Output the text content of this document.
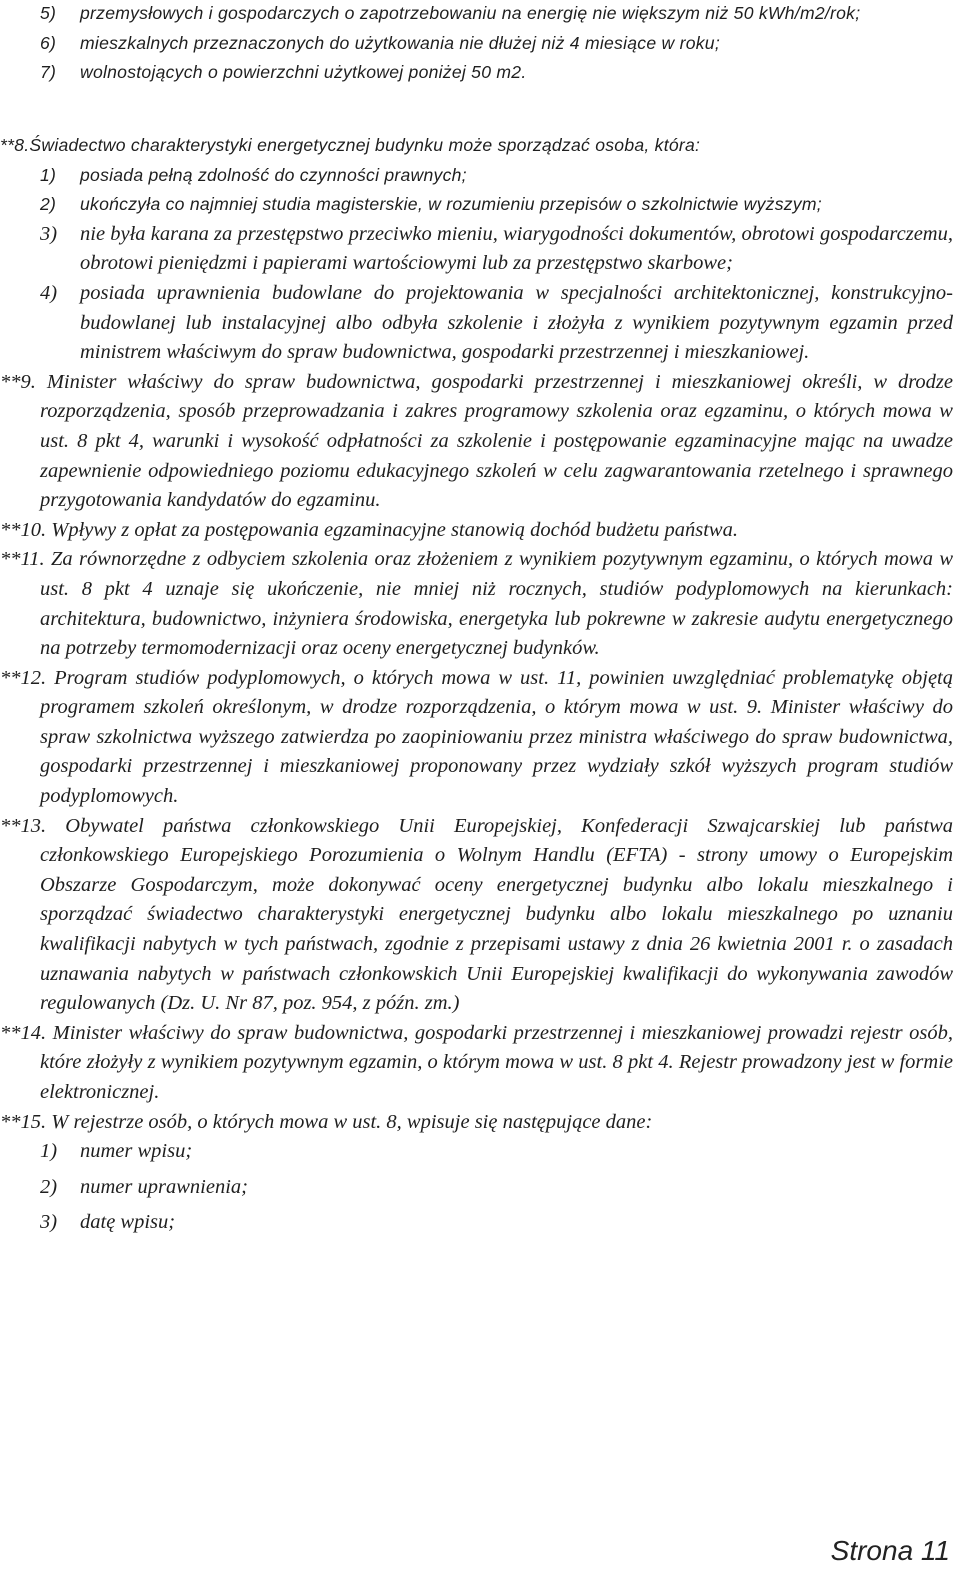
5) przemysłowych i gospodarczych o zapotrzebowaniu na energię nie większym niż 50 kWh/m2/rok;

6) mieszkalnych przeznaczonych do użytkowania nie dłużej niż 4 miesiące w roku;

7) wolnostojących o powierzchni użytkowej poniżej 50 m2.

**8.Świadectwo charakterystyki energetycznej budynku może sporządzać osoba, która:

1) posiada pełną zdolność do czynności prawnych;

2) ukończyła co najmniej studia magisterskie, w rozumieniu przepisów o szkolnictwie wyższym;

3) nie była karana za przestępstwo przeciwko mieniu, wiarygodności dokumentów, obrotowi gospodarczemu, obrotowi pieniędzmi i papierami wartościowymi lub za przestępstwo skarbowe;

4) posiada uprawnienia budowlane do projektowania w specjalności architektonicznej, konstrukcyjno-budowlanej lub instalacyjnej albo odbyła szkolenie i złożyła z wynikiem pozytywnym egzamin przed ministrem właściwym do spraw budownictwa, gospodarki przestrzennej i mieszkaniowej.

**9. Minister właściwy do spraw budownictwa, gospodarki przestrzennej i mieszkaniowej określi, w drodze rozporządzenia, sposób przeprowadzania i zakres programowy szkolenia oraz egzaminu, o których mowa w ust. 8 pkt 4, warunki i wysokość odpłatności za szkolenie i postępowanie egzaminacyjne mając na uwadze zapewnienie odpowiedniego poziomu edukacyjnego szkoleń w celu zagwarantowania rzetelnego i sprawnego przygotowania kandydatów do egzaminu.

**10. Wpływy z opłat za postępowania egzaminacyjne stanowią dochód budżetu państwa.

**11. Za równorzędne z odbyciem szkolenia oraz złożeniem z wynikiem pozytywnym egzaminu, o których mowa w ust. 8 pkt 4 uznaje się ukończenie, nie mniej niż rocznych, studiów podyplomowych na kierunkach: architektura, budownictwo, inżyniera środowiska, energetyka lub pokrewne w zakresie audytu energetycznego na potrzeby termomodernizacji oraz oceny energetycznej budynków.

**12. Program studiów podyplomowych, o których mowa w ust. 11, powinien uwzględniać problematykę objętą programem szkoleń określonym, w drodze rozporządzenia, o którym mowa w ust. 9. Minister właściwy do spraw szkolnictwa wyższego zatwierdza po zaopiniowaniu przez ministra właściwego do spraw budownictwa, gospodarki przestrzennej i mieszkaniowej proponowany przez wydziały szkół wyższych program studiów podyplomowych.

**13. Obywatel państwa członkowskiego Unii Europejskiej, Konfederacji Szwajcarskiej lub państwa członkowskiego Europejskiego Porozumienia o Wolnym Handlu (EFTA) - strony umowy o Europejskim Obszarze Gospodarczym, może dokonywać oceny energetycznej budynku albo lokalu mieszkalnego i sporządzać świadectwo charakterystyki energetycznej budynku albo lokalu mieszkalnego po uznaniu kwalifikacji nabytych w tych państwach, zgodnie z przepisami ustawy z dnia 26 kwietnia 2001 r. o zasadach uznawania nabytych w państwach członkowskich Unii Europejskiej kwalifikacji do wykonywania zawodów regulowanych (Dz. U. Nr 87, poz. 954, z późn. zm.)

**14. Minister właściwy do spraw budownictwa, gospodarki przestrzennej i mieszkaniowej prowadzi rejestr osób, które złożyły z wynikiem pozytywnym egzamin, o którym mowa w ust. 8 pkt 4. Rejestr prowadzony jest w formie elektronicznej.

**15. W rejestrze osób, o których mowa w ust. 8, wpisuje się następujące dane:

1) numer wpisu;

2) numer uprawnienia;

3) datę wpisu;

Strona 11
